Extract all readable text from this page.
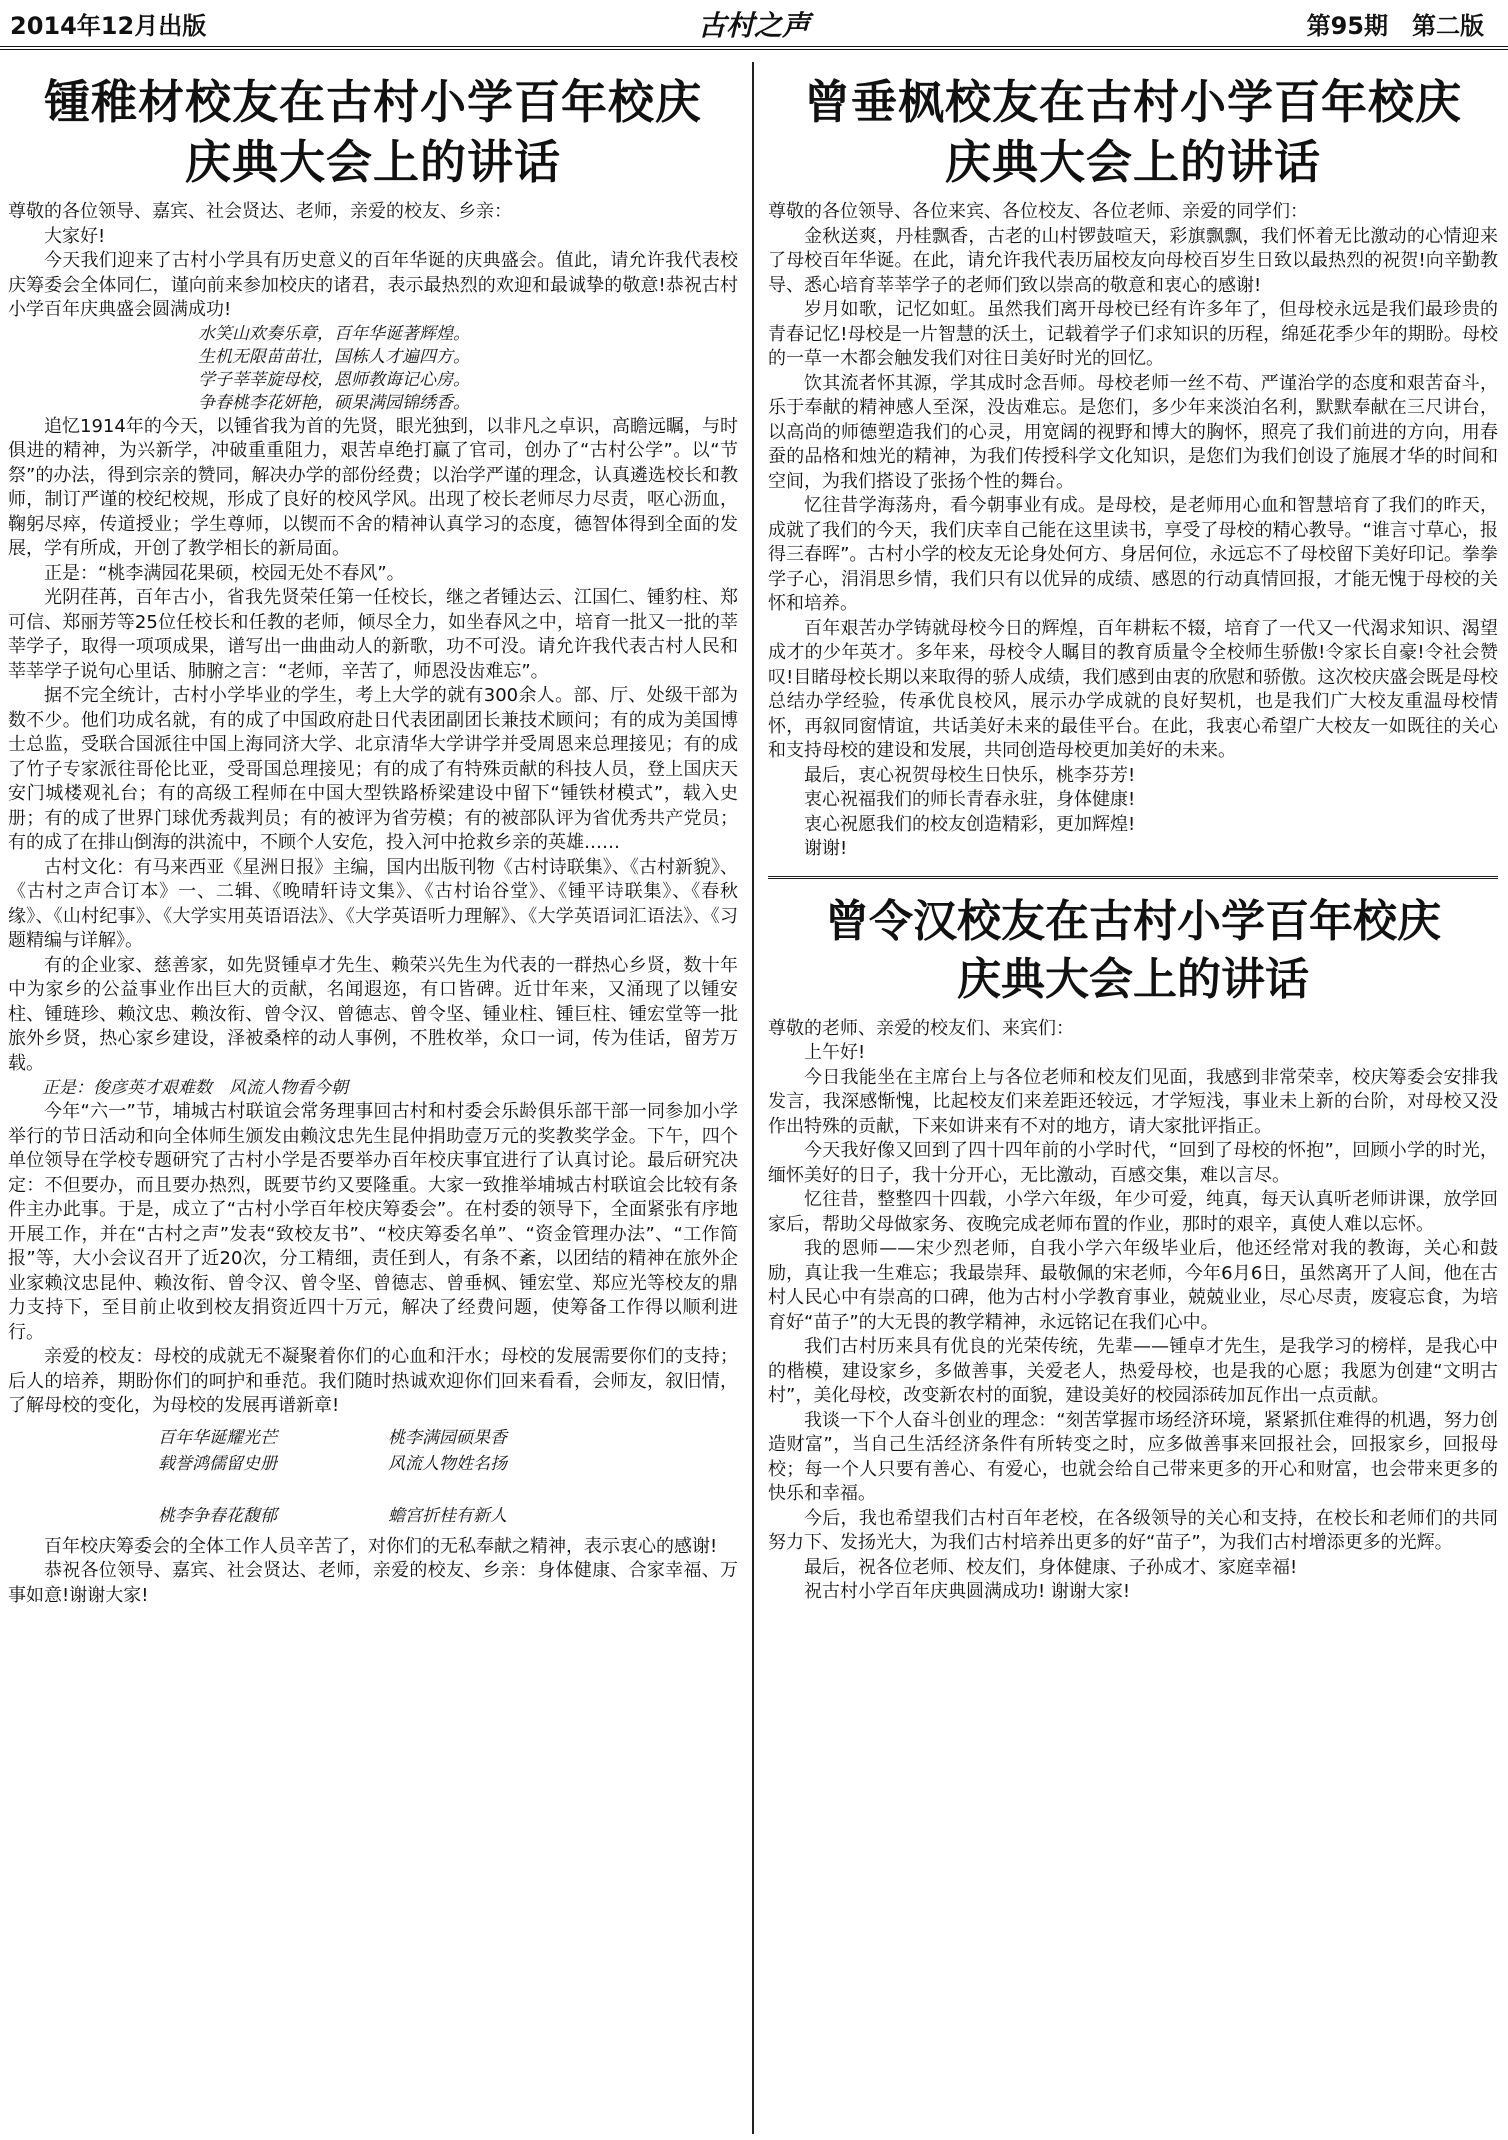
2014年12月出版	古村之声	第95期　第二版
锺稚材校友在古村小学百年校庆
庆典大会上的讲话

尊敬的各位领导、嘉宾、社会贤达、老师，亲爱的校友、乡亲：

大家好!

今天我们迎来了古村小学具有历史意义的百年华诞的庆典盛会。值此，请允许我代表校庆筹委会全体同仁，谨向前来参加校庆的诸君，表示最热烈的欢迎和最诚挚的敬意!恭祝古村小学百年庆典盛会圆满成功!

水笑山欢奏乐章，百年华诞著辉煌。

生机无限苗苗壮，国栋人才遍四方。

学子莘莘旋母校，恩师教诲记心房。

争春桃李花妍艳，硕果满园锦绣香。

追忆1914年的今天，以锺省我为首的先贤，眼光独到，以非凡之卓识，高瞻远瞩，与时俱进的精神，为兴新学，冲破重重阻力，艰苦卓绝打赢了官司，创办了“古村公学”。以“节祭”的办法，得到宗亲的赞同，解决办学的部份经费；以治学严谨的理念，认真遴选校长和教师，制订严谨的校纪校规，形成了良好的校风学风。出现了校长老师尽力尽责，呕心沥血，鞠躬尽瘁，传道授业；学生尊师，以锲而不舍的精神认真学习的态度，德智体得到全面的发展，学有所成，开创了教学相长的新局面。

正是：“桃李满园花果硕，校园无处不春风”。

光阴荏苒，百年古小，省我先贤荣任第一任校长，继之者锺达云、江国仁、锺豹柱、郑可信、郑丽芳等25位任校长和任教的老师，倾尽全力，如坐春风之中，培育一批又一批的莘莘学子，取得一项项成果，谱写出一曲曲动人的新歌，功不可没。请允许我代表古村人民和莘莘学子说句心里话、肺腑之言：“老师，辛苦了，师恩没齿难忘”。

据不完全统计，古村小学毕业的学生，考上大学的就有300余人。部、厅、处级干部为数不少。他们功成名就，有的成了中国政府赴日代表团副团长兼技术顾问；有的成为美国博士总监，受联合国派往中国上海同济大学、北京清华大学讲学并受周恩来总理接见；有的成了竹子专家派往哥伦比亚，受哥国总理接见；有的成了有特殊贡献的科技人员，登上国庆天安门城楼观礼台；有的高级工程师在中国大型铁路桥梁建设中留下“锺铁材模式”，载入史册；有的成了世界门球优秀裁判员；有的被评为省劳模；有的被部队评为省优秀共产党员；有的成了在排山倒海的洪流中，不顾个人安危，投入河中抢救乡亲的英雄……

古村文化：有马来西亚《星洲日报》主编，国内出版刊物《古村诗联集》、《古村新貌》、《古村之声合订本》一、二辑、《晚晴轩诗文集》、《古村诒谷堂》、《锺平诗联集》、《春秋缘》、《山村纪事》、《大学实用英语语法》、《大学英语听力理解》、《大学英语词汇语法》、《习题精编与详解》。

有的企业家、慈善家，如先贤锺卓才先生、赖荣兴先生为代表的一群热心乡贤，数十年中为家乡的公益事业作出巨大的贡献，名闻遐迩，有口皆碑。近廿年来，又涌现了以锺安柱、锺琏珍、赖汶忠、赖汝衔、曾令汉、曾德志、曾令坚、锺业柱、锺巨柱、锺宏堂等一批旅外乡贤，热心家乡建设，泽被桑梓的动人事例，不胜枚举，众口一词，传为佳话，留芳万载。

正是：俊彦英才艰难数　风流人物看今朝

今年“六一”节，埔城古村联谊会常务理事回古村和村委会乐龄俱乐部干部一同参加小学举行的节日活动和向全体师生颁发由赖汶忠先生昆仲捐助壹万元的奖教奖学金。下午，四个单位领导在学校专题研究了古村小学是否要举办百年校庆事宜进行了认真讨论。最后研究决定：不但要办，而且要办热烈，既要节约又要隆重。大家一致推举埔城古村联谊会比较有条件主办此事。于是，成立了“古村小学百年校庆筹委会”。在村委的领导下，全面紧张有序地开展工作，并在“古村之声”发表“致校友书”、“校庆筹委名单”、“资金管理办法”、“工作简报”等，大小会议召开了近20次，分工精细，责任到人，有条不紊，以团结的精神在旅外企业家赖汶忠昆仲、赖汝衔、曾令汉、曾令坚、曾德志、曾垂枫、锺宏堂、郑应光等校友的鼎力支持下，至目前止收到校友捐资近四十万元，解决了经费问题，使筹备工作得以顺利进行。

亲爱的校友：母校的成就无不凝聚着你们的心血和汗水；母校的发展需要你们的支持；后人的培养，期盼你们的呵护和垂范。我们随时热诚欢迎你们回来看看，会师友，叙旧情，了解母校的变化，为母校的发展再谱新章!

百年华诞耀光芒	桃李满园硕果香
载誉鸿儒留史册	风流人物姓名扬
桃李争春花馥郁	蟾宫折桂有新人

百年校庆筹委会的全体工作人员辛苦了，对你们的无私奉献之精神，表示衷心的感谢!

恭祝各位领导、嘉宾、社会贤达、老师，亲爱的校友、乡亲：身体健康、合家幸福、万事如意!谢谢大家!

曾垂枫校友在古村小学百年校庆
庆典大会上的讲话

尊敬的各位领导、各位来宾、各位校友、各位老师、亲爱的同学们：

金秋送爽，丹桂飘香，古老的山村锣鼓喧天，彩旗飘飘，我们怀着无比激动的心情迎来了母校百年华诞。在此，请允许我代表历届校友向母校百岁生日致以最热烈的祝贺!向辛勤教导、悉心培育莘莘学子的老师们致以崇高的敬意和衷心的感谢!

岁月如歌，记忆如虹。虽然我们离开母校已经有许多年了，但母校永远是我们最珍贵的青春记忆!母校是一片智慧的沃土，记载着学子们求知识的历程，绵延花季少年的期盼。母校的一草一木都会触发我们对往日美好时光的回忆。

饮其流者怀其源，学其成时念吾师。母校老师一丝不苟、严谨治学的态度和艰苦奋斗，乐于奉献的精神感人至深，没齿难忘。是您们，多少年来淡泊名利，默默奉献在三尺讲台，以高尚的师德塑造我们的心灵，用宽阔的视野和博大的胸怀，照亮了我们前进的方向，用春蚕的品格和烛光的精神，为我们传授科学文化知识，是您们为我们创设了施展才华的时间和空间，为我们搭设了张扬个性的舞台。

忆往昔学海荡舟，看今朝事业有成。是母校，是老师用心血和智慧培育了我们的昨天，成就了我们的今天，我们庆幸自己能在这里读书，享受了母校的精心教导。“谁言寸草心，报得三春晖”。古村小学的校友无论身处何方、身居何位，永远忘不了母校留下美好印记。拳拳学子心，涓涓思乡情，我们只有以优异的成绩、感恩的行动真情回报，才能无愧于母校的关怀和培养。

百年艰苦办学铸就母校今日的辉煌，百年耕耘不辍，培育了一代又一代渴求知识、渴望成才的少年英才。多年来，母校令人瞩目的教育质量令全校师生骄傲!令家长自豪!令社会赞叹!目睹母校长期以来取得的骄人成绩，我们感到由衷的欣慰和骄傲。这次校庆盛会既是母校总结办学经验，传承优良校风，展示办学成就的良好契机，也是我们广大校友重温母校情怀，再叙同窗情谊，共话美好未来的最佳平台。在此，我衷心希望广大校友一如既往的关心和支持母校的建设和发展，共同创造母校更加美好的未来。

最后，衷心祝贺母校生日快乐，桃李芬芳!

衷心祝福我们的师长青春永驻，身体健康!

衷心祝愿我们的校友创造精彩，更加辉煌!

谢谢!

曾令汉校友在古村小学百年校庆
庆典大会上的讲话

尊敬的老师、亲爱的校友们、来宾们：

上午好!

今日我能坐在主席台上与各位老师和校友们见面，我感到非常荣幸，校庆筹委会安排我发言，我深感惭愧，比起校友们来差距还较远，才学短浅，事业未上新的台阶，对母校又没作出特殊的贡献，下来如讲来有不对的地方，请大家批评指正。

今天我好像又回到了四十四年前的小学时代，“回到了母校的怀抱”，回顾小学的时光，缅怀美好的日子，我十分开心，无比激动，百感交集，难以言尽。

忆往昔，整整四十四载，小学六年级，年少可爱，纯真，每天认真听老师讲课，放学回家后，帮助父母做家务、夜晚完成老师布置的作业，那时的艰辛，真使人难以忘怀。

我的恩师——宋少烈老师，自我小学六年级毕业后，他还经常对我的教诲，关心和鼓励，真让我一生难忘；我最崇拜、最敬佩的宋老师，今年6月6日，虽然离开了人间，他在古村人民心中有崇高的口碑，他为古村小学教育事业，兢兢业业，尽心尽责，废寝忘食，为培育好“苗子”的大无畏的教学精神，永远铭记在我们心中。

我们古村历来具有优良的光荣传统，先辈——锺卓才先生，是我学习的榜样，是我心中的楷模，建设家乡，多做善事，关爱老人，热爱母校，也是我的心愿；我愿为创建“文明古村”，美化母校，改变新农村的面貌，建设美好的校园添砖加瓦作出一点贡献。

我谈一下个人奋斗创业的理念：“刻苦掌握市场经济环境，紧紧抓住难得的机遇，努力创造财富”，当自己生活经济条件有所转变之时，应多做善事来回报社会，回报家乡，回报母校；每一个人只要有善心、有爱心，也就会给自己带来更多的开心和财富，也会带来更多的快乐和幸福。

今后，我也希望我们古村百年老校，在各级领导的关心和支持，在校长和老师们的共同努力下、发扬光大，为我们古村培养出更多的好“苗子”，为我们古村增添更多的光辉。

最后，祝各位老师、校友们，身体健康、子孙成才、家庭幸福!

祝古村小学百年庆典圆满成功! 谢谢大家!
